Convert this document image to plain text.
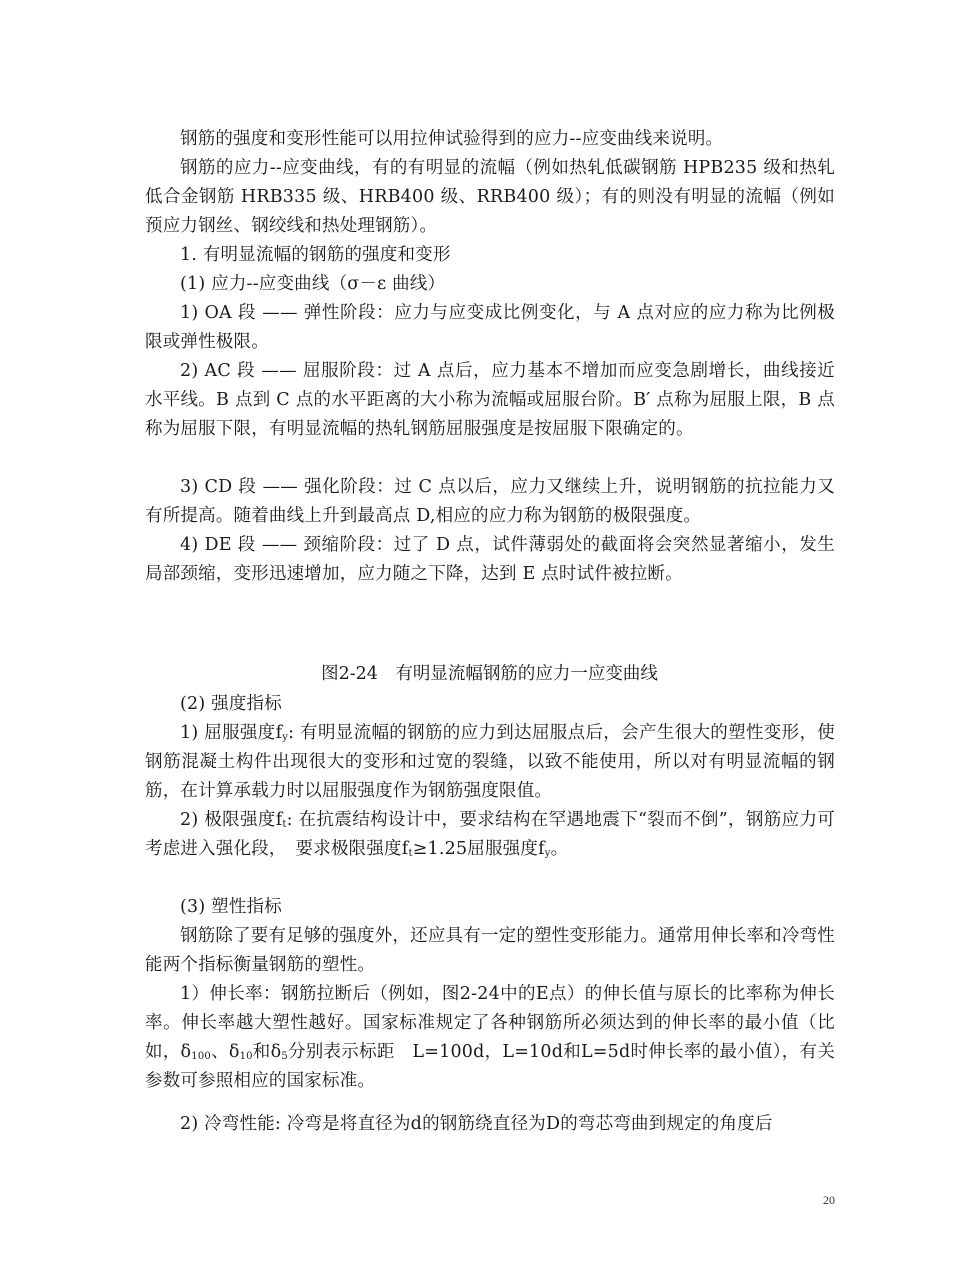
钢筋的强度和变形性能可以用拉伸试验得到的应力--应变曲线来说明。

钢筋的应力--应变曲线，有的有明显的流幅（例如热轧低碳钢筋 HPB235 级和热轧低合金钢筋 HRB335 级、HRB400 级、RRB400 级）；有的则没有明显的流幅（例如预应力钢丝、钢绞线和热处理钢筋）。

1. 有明显流幅的钢筋的强度和变形

(1) 应力--应变曲线（σ－ε 曲线）

1) OA 段 —— 弹性阶段：应力与应变成比例变化，与 A 点对应的应力称为比例极限或弹性极限。

2) AC 段 —— 屈服阶段：过 A 点后，应力基本不增加而应变急剧增长，曲线接近水平线。B 点到 C 点的水平距离的大小称为流幅或屈服台阶。B′ 点称为屈服上限，B 点称为屈服下限，有明显流幅的热轧钢筋屈服强度是按屈服下限确定的。

3) CD 段 —— 强化阶段：过 C 点以后，应力又继续上升，说明钢筋的抗拉能力又有所提高。随着曲线上升到最高点 D,相应的应力称为钢筋的极限强度。

4) DE 段 —— 颈缩阶段：过了 D 点，试件薄弱处的截面将会突然显著缩小，发生局部颈缩，变形迅速增加，应力随之下降，达到 E 点时试件被拉断。

图2-24　有明显流幅钢筋的应力一应变曲线

(2) 强度指标

1) 屈服强度$f_y$: 有明显流幅的钢筋的应力到达屈服点后，会产生很大的塑性变形，使钢筋混凝土构件出现很大的变形和过宽的裂缝，以致不能使用，所以对有明显流幅的钢筋，在计算承载力时以屈服强度作为钢筋强度限值。

2) 极限强度$f_t$: 在抗震结构设计中，要求结构在罕遇地震下“裂而不倒”，钢筋应力可考虑进入强化段，　要求极限强度$f_t\ge 1.25$屈服强度$f_y$。

(3) 塑性指标

钢筋除了要有足够的强度外，还应具有一定的塑性变形能力。通常用伸长率和冷弯性能两个指标衡量钢筋的塑性。

1）伸长率：钢筋拉断后（例如，图2-24中的E点）的伸长值与原长的比率称为伸长率。伸长率越大塑性越好。国家标准规定了各种钢筋所必须达到的伸长率的最小值（比如，$\delta_{100}$、$\delta_{10}$和$\delta_5$分别表示标距　L=100d，L=10d和L=5d时伸长率的最小值），有关参数可参照相应的国家标准。

2) 冷弯性能: 冷弯是将直径为d的钢筋绕直径为D的弯芯弯曲到规定的角度后

20
